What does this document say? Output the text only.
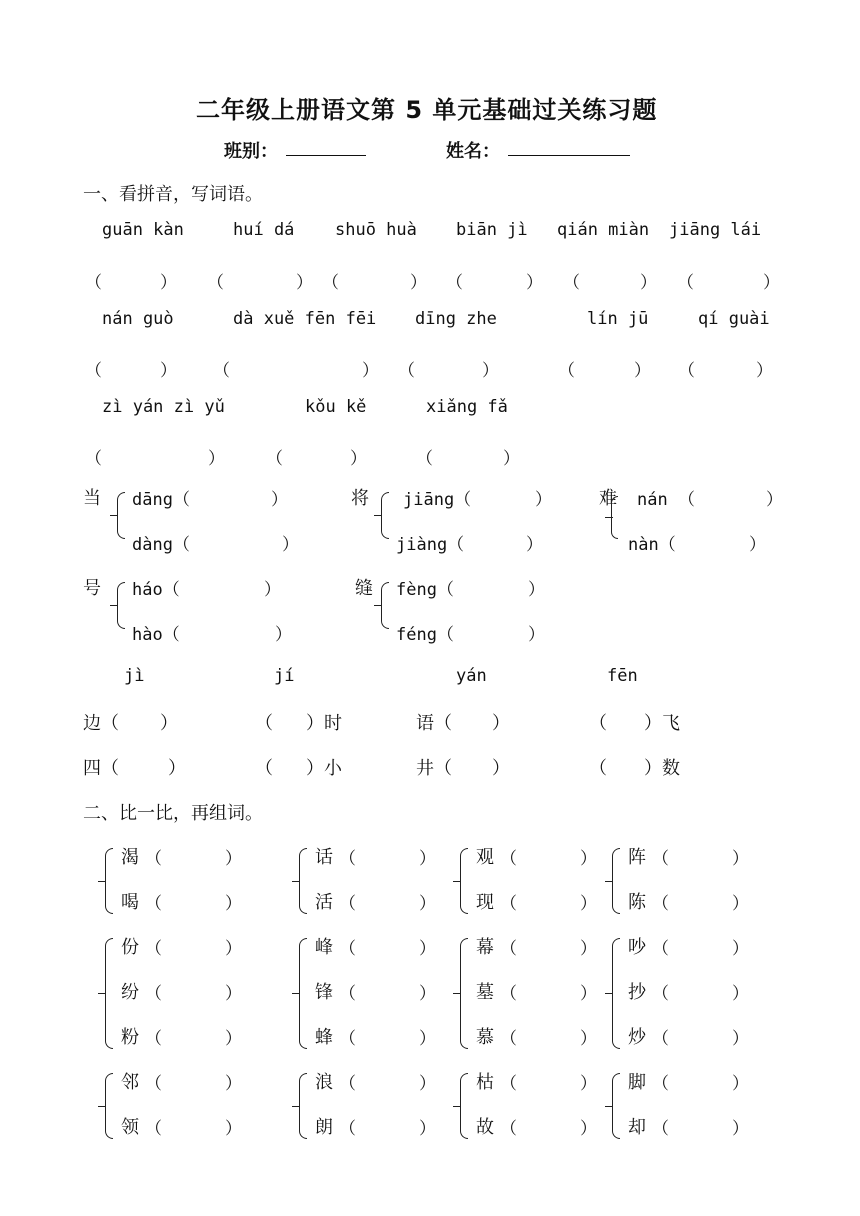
二年级上册语文第 5 单元基础过关练习题
班别：	姓名：
一、看拼音，写词语。
guān kàn	huí dá shuō huà biān jì qián miàn jiāng lái
（	） （	） （	） （	） （	） （	）
nán guò	dà xuě fēn fēi dīng zhe	lín jū	qí guài
（	） （	） （	）	（	） （	）
zì yán zì yǔ	kǒu kě	xiǎng fǎ
（	） （	）	（	）
当 dāng（	）
dàng（	）
将 jiāng（	）
jiàng（	）
难 nán （	）
nàn（	）
号 háo（	）
hào（	）
缝 fèng（	）
féng（	）
jì	jí	yán	fēn
边（ ）	（ ）时	语（ ）	（ ）飞
四（	）	（ ）小	井（ ）	（ ）数
二、比一比，再组词。
渴 （	）
喝 （	）
话 （	）
活 （	）
观 （	）
现 （	）
阵 （	）
陈 （	）
份 （	）
纷 （	）
粉 （	）
峰 （	）
锋 （	）
蜂 （	）
幕 （	）
墓 （	）
慕 （	）
吵 （	）
抄 （	）
炒 （	）
邻 （	）
领 （	）
浪 （	）
朗 （	）
枯 （	）
故 （	）
脚 （	）
却 （	）
